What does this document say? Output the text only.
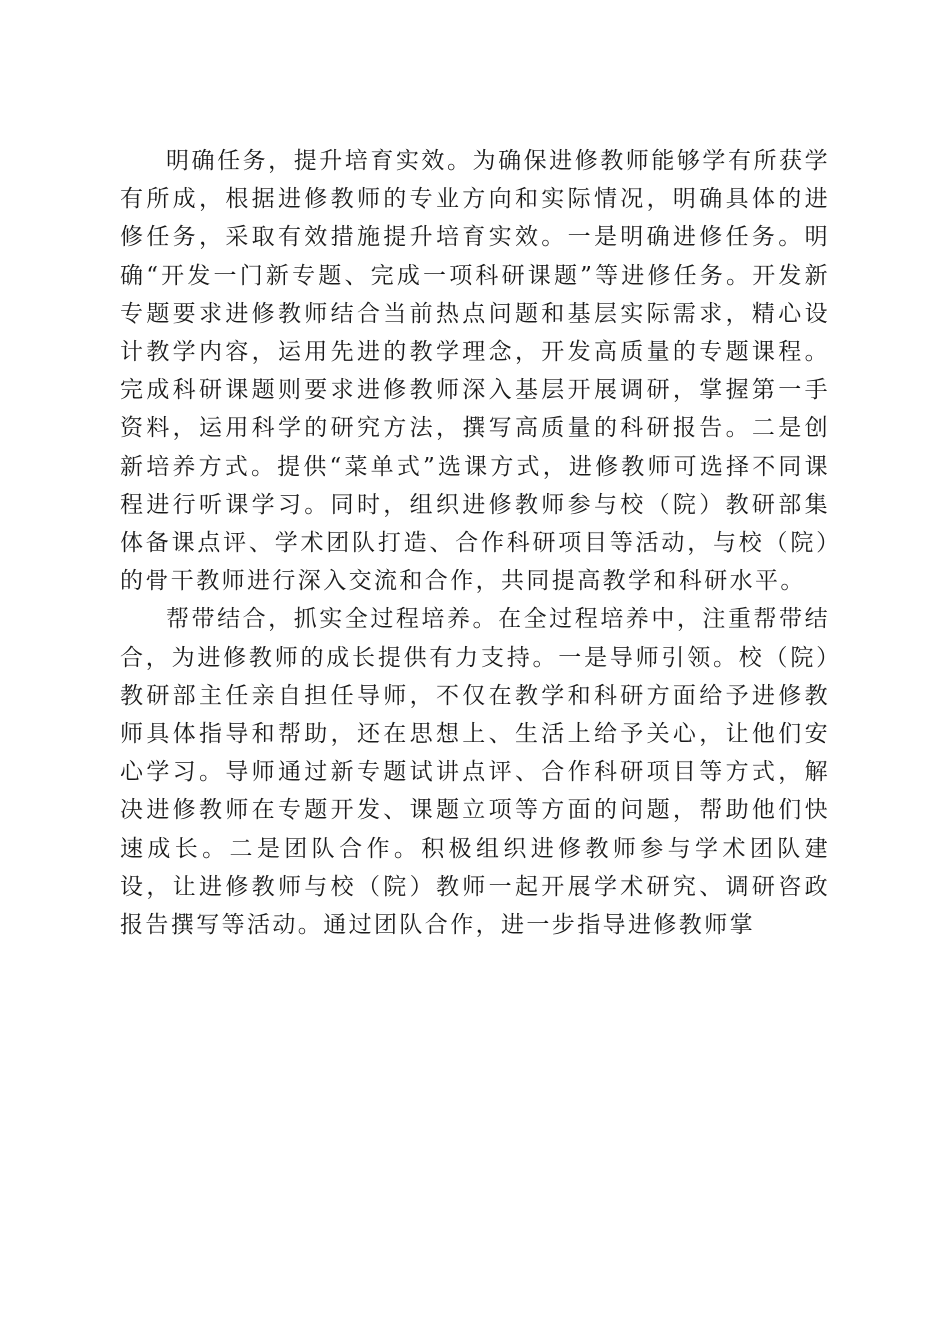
明确任务，提升培育实效。为确保进修教师能够学有所获学有所成，根据进修教师的专业方向和实际情况，明确具体的进修任务，采取有效措施提升培育实效。一是明确进修任务。明确“开发一门新专题、完成一项科研课题”等进修任务。开发新专题要求进修教师结合当前热点问题和基层实际需求，精心设计教学内容，运用先进的教学理念，开发高质量的专题课程。完成科研课题则要求进修教师深入基层开展调研，掌握第一手资料，运用科学的研究方法，撰写高质量的科研报告。二是创新培养方式。提供“菜单式”选课方式，进修教师可选择不同课程进行听课学习。同时，组织进修教师参与校（院）教研部集体备课点评、学术团队打造、合作科研项目等活动，与校（院）的骨干教师进行深入交流和合作，共同提高教学和科研水平。

帮带结合，抓实全过程培养。在全过程培养中，注重帮带结合，为进修教师的成长提供有力支持。一是导师引领。校（院）教研部主任亲自担任导师，不仅在教学和科研方面给予进修教师具体指导和帮助，还在思想上、生活上给予关心，让他们安心学习。导师通过新专题试讲点评、合作科研项目等方式，解决进修教师在专题开发、课题立项等方面的问题，帮助他们快速成长。二是团队合作。积极组织进修教师参与学术团队建设，让进修教师与校（院）教师一起开展学术研究、调研咨政报告撰写等活动。通过团队合作，进一步指导进修教师掌
